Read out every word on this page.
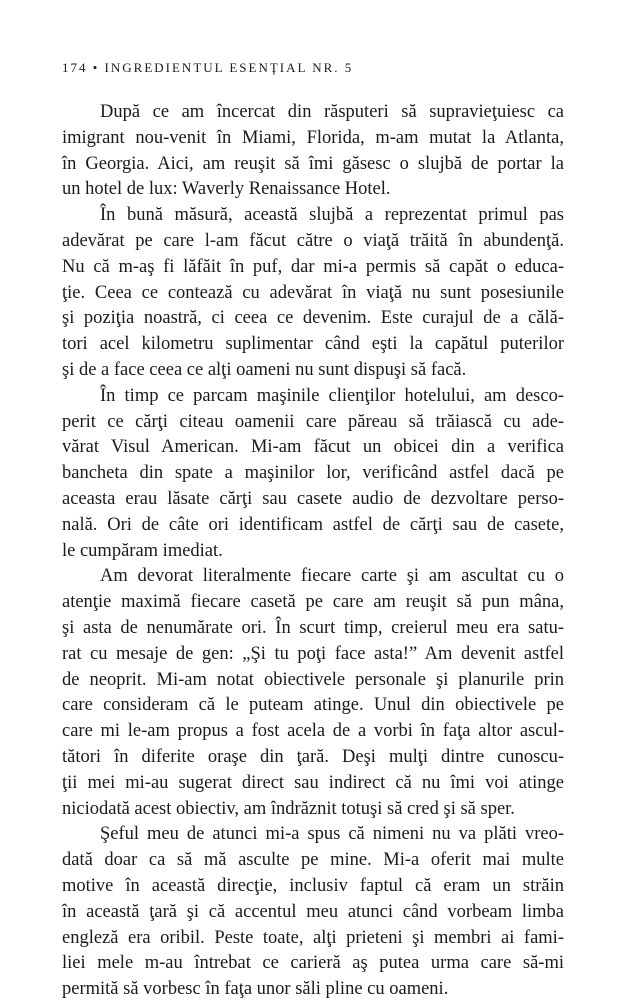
174 • INGREDIENTUL ESENŢIAL NR. 5
După ce am încercat din răsputeri să supravieţuiesc ca
imigrant nou-venit în Miami, Florida, m-am mutat la Atlanta,
în Georgia. Aici, am reuşit să îmi găsesc o slujbă de portar la
un hotel de lux: Waverly Renaissance Hotel.
În bună măsură, această slujbă a reprezentat primul pas
adevărat pe care l-am făcut către o viaţă trăită în abundenţă.
Nu că m-aş fi lăfăit în puf, dar mi-a permis să capăt o educa-
ţie. Ceea ce contează cu adevărat în viaţă nu sunt posesiunile
şi poziţia noastră, ci ceea ce devenim. Este curajul de a călă-
tori acel kilometru suplimentar când eşti la capătul puterilor
şi de a face ceea ce alţi oameni nu sunt dispuşi să facă.
În timp ce parcam maşinile clienţilor hotelului, am desco-
perit ce cărţi citeau oamenii care păreau să trăiască cu ade-
vărat Visul American. Mi-am făcut un obicei din a verifica
bancheta din spate a maşinilor lor, verificând astfel dacă pe
aceasta erau lăsate cărţi sau casete audio de dezvoltare perso-
nală. Ori de câte ori identificam astfel de cărţi sau de casete,
le cumpăram imediat.
Am devorat literalmente fiecare carte şi am ascultat cu o
atenţie maximă fiecare casetă pe care am reuşit să pun mâna,
şi asta de nenumărate ori. În scurt timp, creierul meu era satu-
rat cu mesaje de gen: „Şi tu poţi face asta!” Am devenit astfel
de neoprit. Mi-am notat obiectivele personale şi planurile prin
care consideram că le puteam atinge. Unul din obiectivele pe
care mi le-am propus a fost acela de a vorbi în faţa altor ascul-
tători în diferite oraşe din ţară. Deşi mulţi dintre cunoscu-
ţii mei mi-au sugerat direct sau indirect că nu îmi voi atinge
niciodată acest obiectiv, am îndrăznit totuşi să cred şi să sper.
Şeful meu de atunci mi-a spus că nimeni nu va plăti vreo-
dată doar ca să mă asculte pe mine. Mi-a oferit mai multe
motive în această direcţie, inclusiv faptul că eram un străin
în această ţară şi că accentul meu atunci când vorbeam limba
engleză era oribil. Peste toate, alţi prieteni şi membri ai fami-
liei mele m-au întrebat ce carieră aş putea urma care să-mi
permită să vorbesc în faţa unor săli pline cu oameni.
